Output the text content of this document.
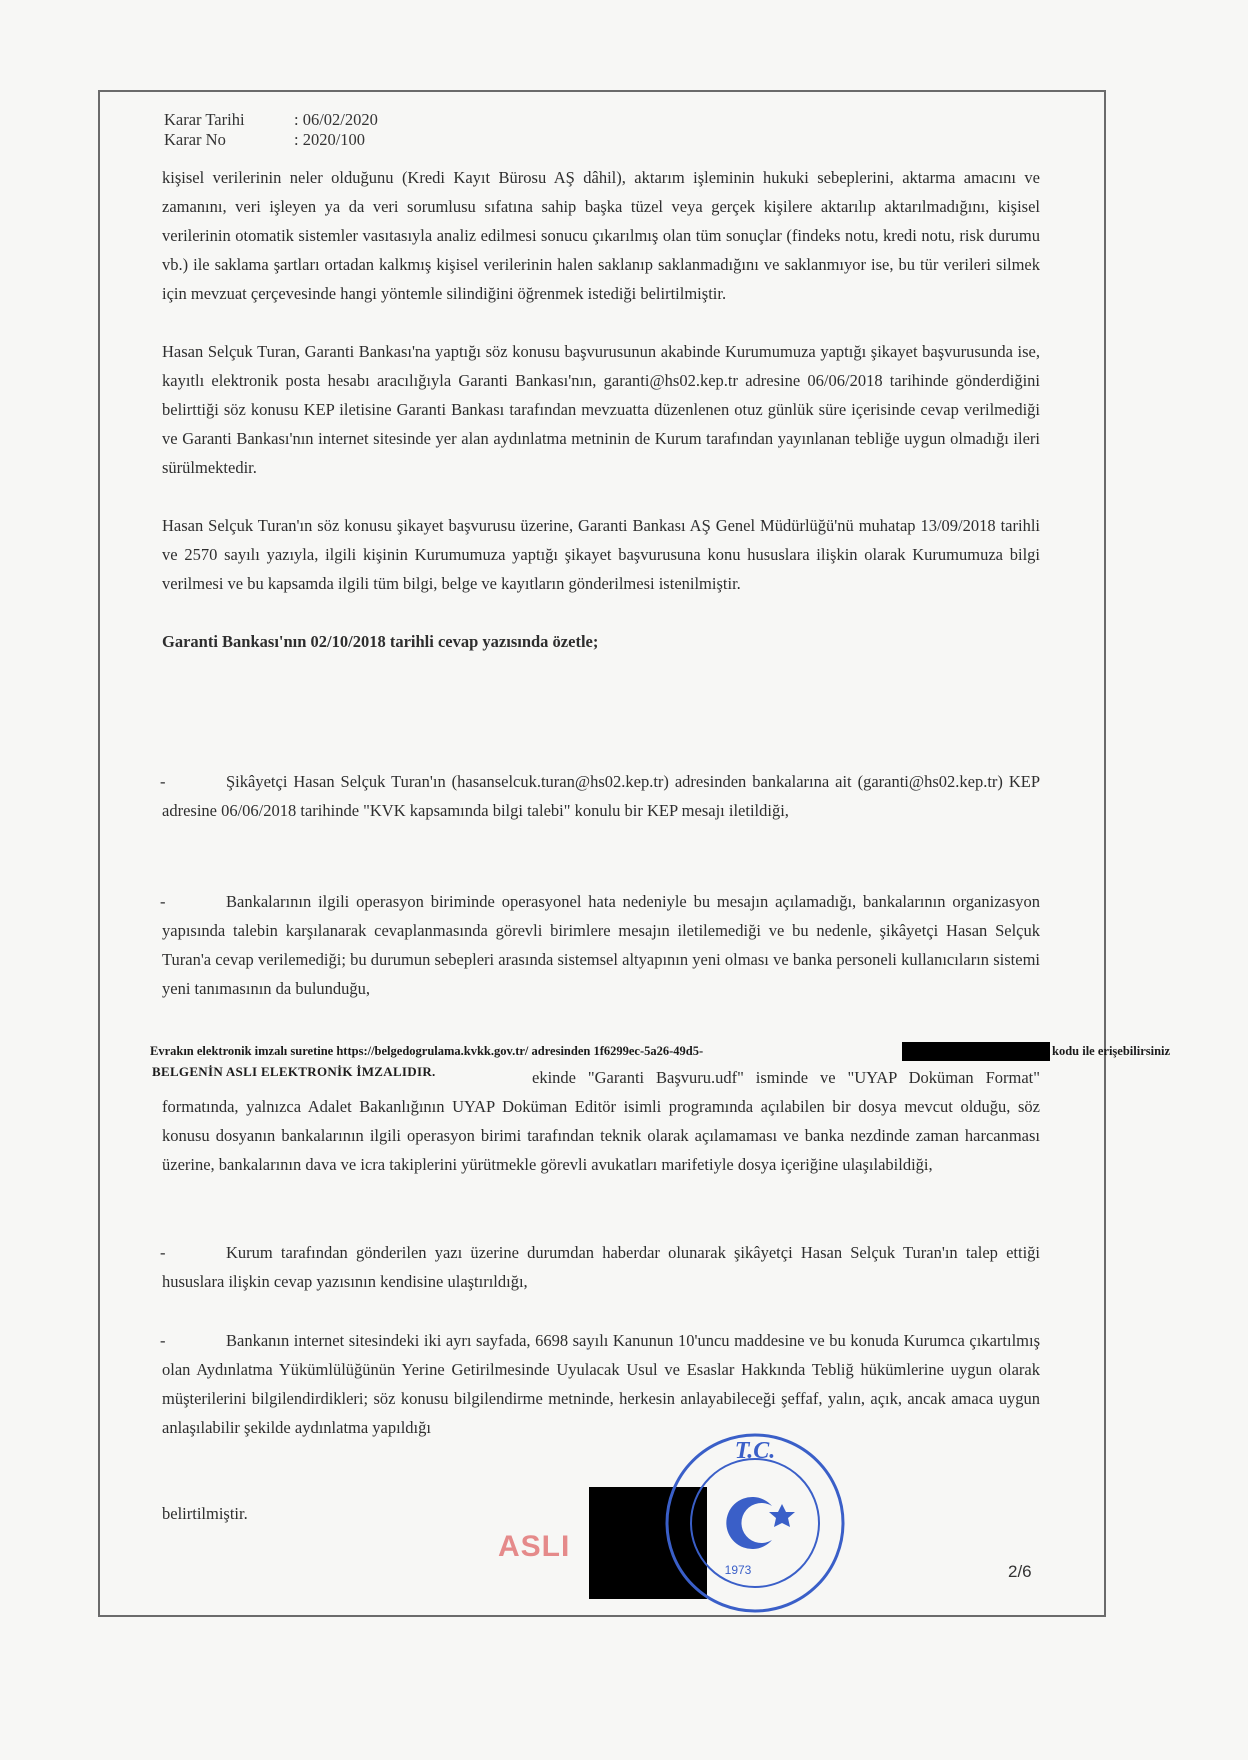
Karar Tarihi	: 06/02/2020
Karar No	: 2020/100

kişisel verilerinin neler olduğunu (Kredi Kayıt Bürosu AŞ dâhil), aktarım işleminin hukuki sebeplerini, aktarma amacını ve zamanını, veri işleyen ya da veri sorumlusu sıfatına sahip başka tüzel veya gerçek kişilere aktarılıp aktarılmadığını, kişisel verilerinin otomatik sistemler vasıtasıyla analiz edilmesi sonucu çıkarılmış olan tüm sonuçlar (findeks notu, kredi notu, risk durumu vb.) ile saklama şartları ortadan kalkmış kişisel verilerinin halen saklanıp saklanmadığını ve saklanmıyor ise, bu tür verileri silmek için mevzuat çerçevesinde hangi yöntemle silindiğini öğrenmek istediği belirtilmiştir.

Hasan Selçuk Turan, Garanti Bankası'na yaptığı söz konusu başvurusunun akabinde Kurumumuza yaptığı şikayet başvurusunda ise, kayıtlı elektronik posta hesabı aracılığıyla Garanti Bankası'nın, garanti@hs02.kep.tr adresine 06/06/2018 tarihinde gönderdiğini belirttiği söz konusu KEP iletisine Garanti Bankası tarafından mevzuatta düzenlenen otuz günlük süre içerisinde cevap verilmediği ve Garanti Bankası'nın internet sitesinde yer alan aydınlatma metninin de Kurum tarafından yayınlanan tebliğe uygun olmadığı ileri sürülmektedir.

Hasan Selçuk Turan'ın söz konusu şikayet başvurusu üzerine, Garanti Bankası AŞ Genel Müdürlüğü'nü muhatap 13/09/2018 tarihli ve 2570 sayılı yazıyla, ilgili kişinin Kurumumuza yaptığı şikayet başvurusuna konu hususlara ilişkin olarak Kurumumuza bilgi verilmesi ve bu kapsamda ilgili tüm bilgi, belge ve kayıtların gönderilmesi istenilmiştir.

Garanti Bankası'nın 02/10/2018 tarihli cevap yazısında özetle;

-	Şikâyetçi Hasan Selçuk Turan'ın (hasanselcuk.turan@hs02.kep.tr) adresinden bankalarına ait (garanti@hs02.kep.tr) KEP adresine 06/06/2018 tarihinde "KVK kapsamında bilgi talebi" konulu bir KEP mesajı iletildiği,

-	Bankalarının ilgili operasyon biriminde operasyonel hata nedeniyle bu mesajın açılamadığı, bankalarının organizasyon yapısında talebin karşılanarak cevaplanmasında görevli birimlere mesajın iletilemediği ve bu nedenle, şikâyetçi Hasan Selçuk Turan'a cevap verilemediği; bu durumun sebepleri arasında sistemsel altyapının yeni olması ve banka personeli kullanıcıların sistemi yeni tanımasının da bulunduğu,

Evrakın elektronik imzalı suretine https://belgedogrulama.kvkk.gov.tr/ adresinden 1f6299ec-5a26-49d5-	kodu ile erişebilirsiniz
BELGENİN ASLI ELEKTRONİK İMZALIDIR.	ekinde "Garanti Başvuru.udf" isminde ve "UYAP Doküman Format" formatında, yalnızca Adalet Bakanlığının UYAP Doküman Editör isimli programında açılabilen bir dosya mevcut olduğu, söz konusu dosyanın bankalarının ilgili operasyon birimi tarafından teknik olarak açılamaması ve banka nezdinde zaman harcanması üzerine, bankalarının dava ve icra takiplerini yürütmekle görevli avukatları marifetiyle dosya içeriğine ulaşılabildiği,

-	Kurum tarafından gönderilen yazı üzerine durumdan haberdar olunarak şikâyetçi Hasan Selçuk Turan'ın talep ettiği hususlara ilişkin cevap yazısının kendisine ulaştırıldığı,

-	Bankanın internet sitesindeki iki ayrı sayfada, 6698 sayılı Kanunun 10'uncu maddesine ve bu konuda Kurumca çıkartılmış olan Aydınlatma Yükümlülüğünün Yerine Getirilmesinde Uyulacak Usul ve Esaslar Hakkında Tebliğ hükümlerine uygun olarak müşterilerini bilgilendirdikleri; söz konusu bilgilendirme metninde, herkesin anlayabileceği şeffaf, yalın, açık, ancak amaca uygun anlaşılabilir şekilde aydınlatma yapıldığı

belirtilmiştir.

ASLI
T.C.
1973	2/6
